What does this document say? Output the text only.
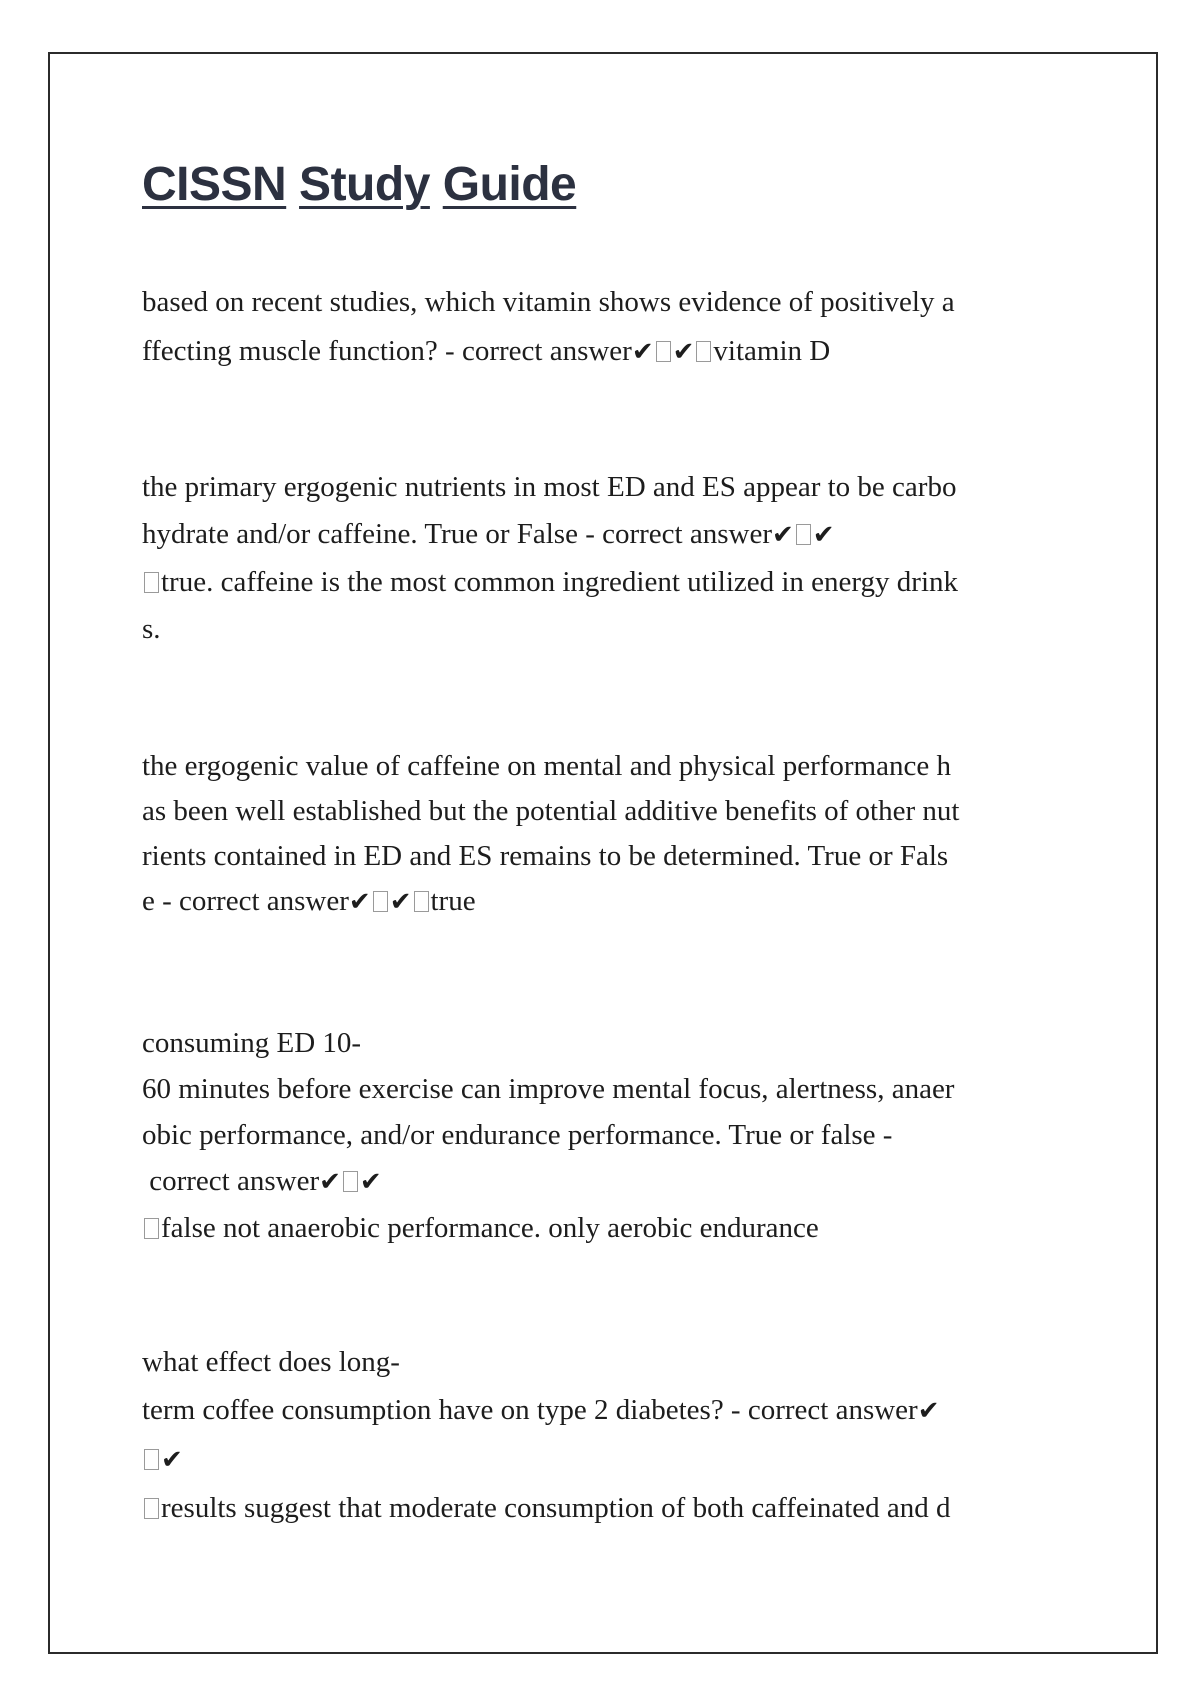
CISSN Study Guide
based on recent studies, which vitamin shows evidence of positively a
ffecting muscle function? - correct answer✔ ✔ vitamin D
the primary ergogenic nutrients in most ED and ES appear to be carbo
hydrate and/or caffeine. True or False - correct answer✔ ✔
true. caffeine is the most common ingredient utilized in energy drink
s.
the ergogenic value of caffeine on mental and physical performance h
as been well established but the potential additive benefits of other nut
rients contained in ED and ES remains to be determined. True or Fals
e - correct answer✔ ✔ true
consuming ED 10-
60 minutes before exercise can improve mental focus, alertness, anaer
obic performance, and/or endurance performance. True or false -
correct answer✔ ✔
false not anaerobic performance. only aerobic endurance
what effect does long-
term coffee consumption have on type 2 diabetes? - correct answer✔
✔
results suggest that moderate consumption of both caffeinated and d
